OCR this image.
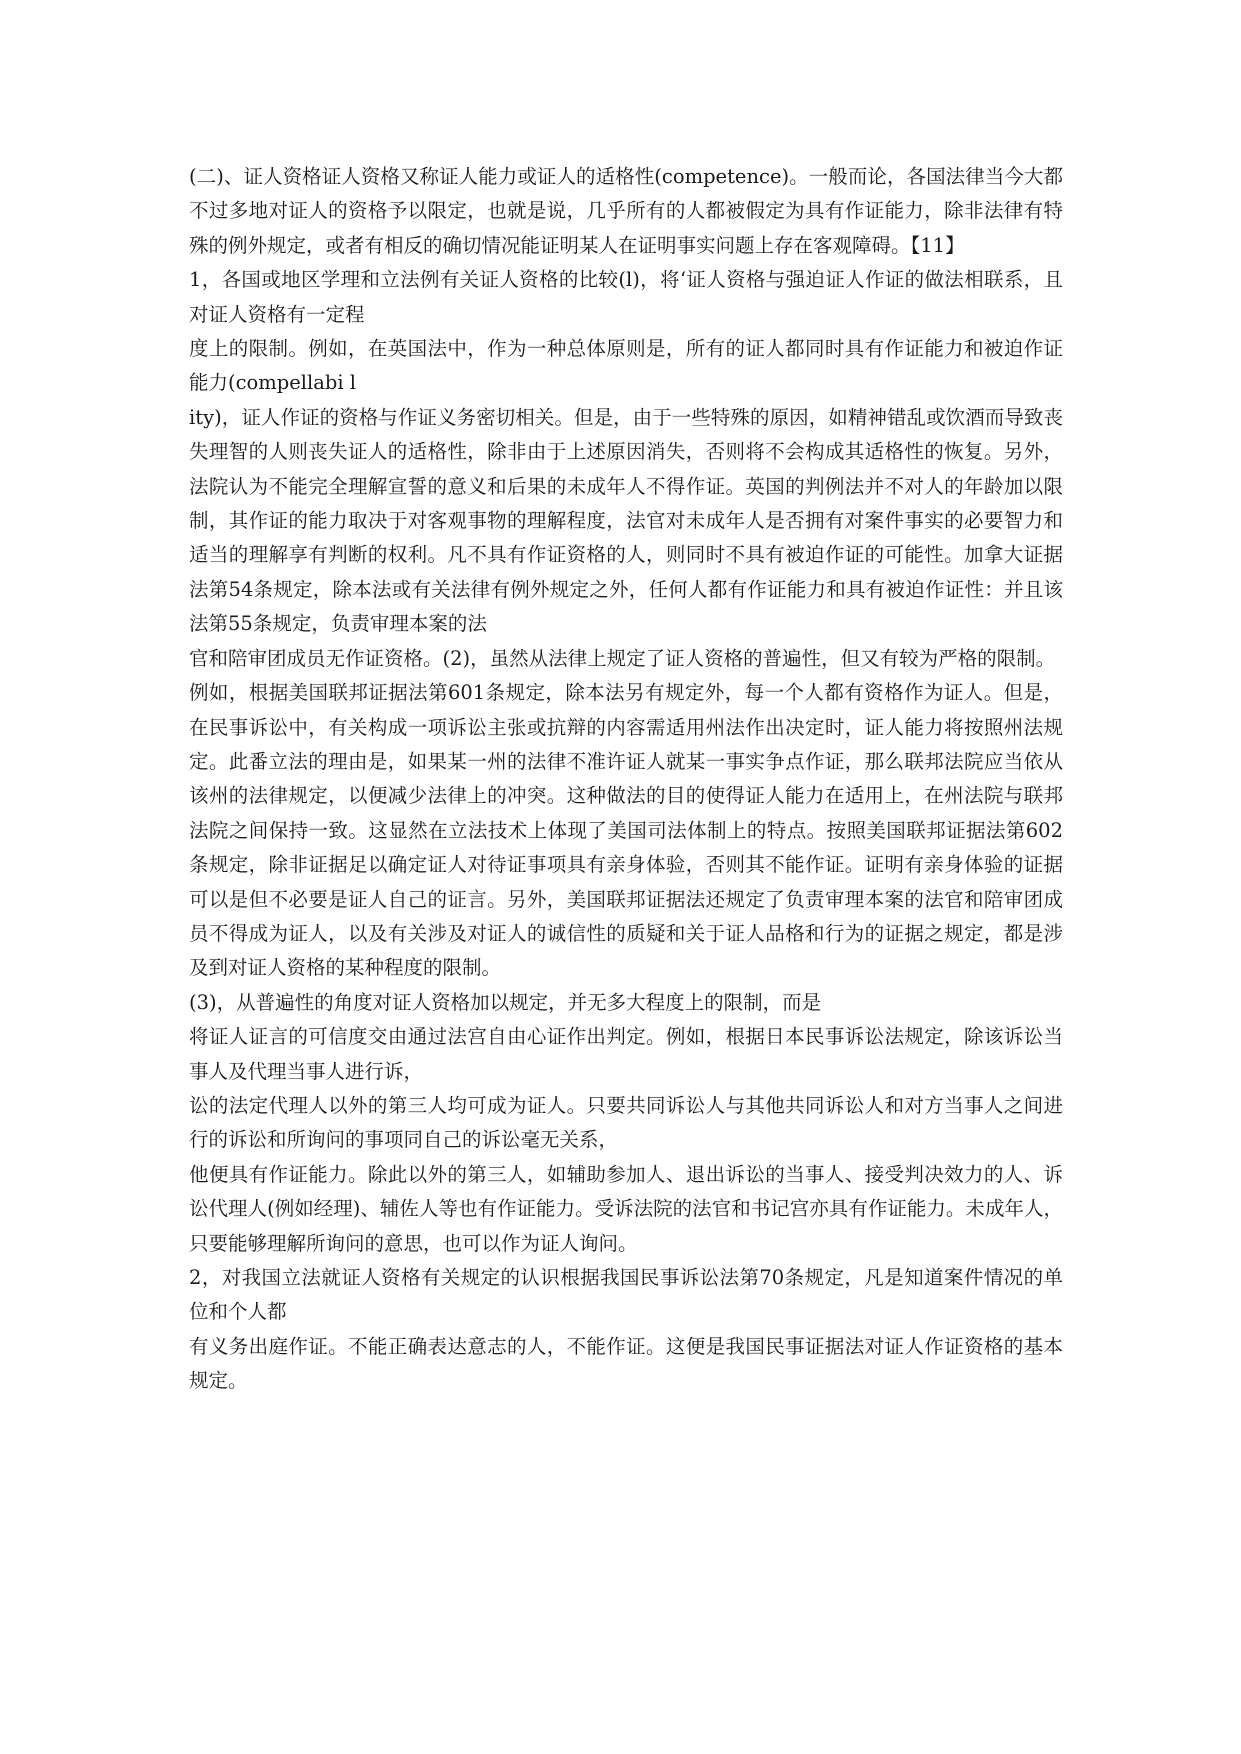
(二)、证人资格证人资格又称证人能力或证人的适格性(competence)。一般而论，各国法律当今大都不过多地对证人的资格予以限定，也就是说，几乎所有的人都被假定为具有作证能力，除非法律有特殊的例外规定，或者有相反的确切情况能证明某人在证明事实问题上存在客观障碍。【11】

1，各国或地区学理和立法例有关证人资格的比较(l)，将‘证人资格与强迫证人作证的做法相联系，且对证人资格有一定程

度上的限制。例如，在英国法中，作为一种总体原则是，所有的证人都同时具有作证能力和被迫作证能力(compellabi l

ity)，证人作证的资格与作证义务密切相关。但是，由于一些特殊的原因，如精神错乱或饮酒而导致丧失理智的人则丧失证人的适格性，除非由于上述原因消失，否则将不会构成其适格性的恢复。另外，法院认为不能完全理解宣誓的意义和后果的未成年人不得作证。英国的判例法并不对人的年龄加以限制，其作证的能力取决于对客观事物的理解程度，法官对未成年人是否拥有对案件事实的必要智力和适当的理解享有判断的权利。凡不具有作证资格的人，则同时不具有被迫作证的可能性。加拿大证据法第54条规定，除本法或有关法律有例外规定之外，任何人都有作证能力和具有被迫作证性：并且该法第55条规定，负责审理本案的法

官和陪审团成员无作证资格。(2)，虽然从法律上规定了证人资格的普遍性，但又有较为严格的限制。

例如，根据美国联邦证据法第601条规定，除本法另有规定外，每一个人都有资格作为证人。但是，在民事诉讼中，有关构成一项诉讼主张或抗辩的内容需适用州法作出决定时，证人能力将按照州法规定。此番立法的理由是，如果某一州的法律不准许证人就某一事实争点作证，那么联邦法院应当依从该州的法律规定，以便减少法律上的冲突。这种做法的目的使得证人能力在适用上，在州法院与联邦法院之间保持一致。这显然在立法技术上体现了美国司法体制上的特点。按照美国联邦证据法第602条规定，除非证据足以确定证人对待证事项具有亲身体验，否则其不能作证。证明有亲身体验的证据可以是但不必要是证人自己的证言。另外，美国联邦证据法还规定了负责审理本案的法官和陪审团成员不得成为证人，以及有关涉及对证人的诚信性的质疑和关于证人品格和行为的证据之规定，都是涉及到对证人资格的某种程度的限制。

(3)，从普遍性的角度对证人资格加以规定，并无多大程度上的限制，而是

将证人证言的可信度交由通过法宫自由心证作出判定。例如，根据日本民事诉讼法规定，除该诉讼当事人及代理当事人进行诉，

讼的法定代理人以外的第三人均可成为证人。只要共同诉讼人与其他共同诉讼人和对方当事人之间进行的诉讼和所询问的事项同自己的诉讼毫无关系，

他便具有作证能力。除此以外的第三人，如辅助参加人、退出诉讼的当事人、接受判决效力的人、诉讼代理人(例如经理)、辅佐人等也有作证能力。受诉法院的法官和书记宫亦具有作证能力。未成年人，只要能够理解所询问的意思，也可以作为证人询问。

2，对我国立法就证人资格有关规定的认识根据我国民事诉讼法第70条规定，凡是知道案件情况的单位和个人都

有义务出庭作证。不能正确表达意志的人，不能作证。这便是我国民事证据法对证人作证资格的基本规定。
